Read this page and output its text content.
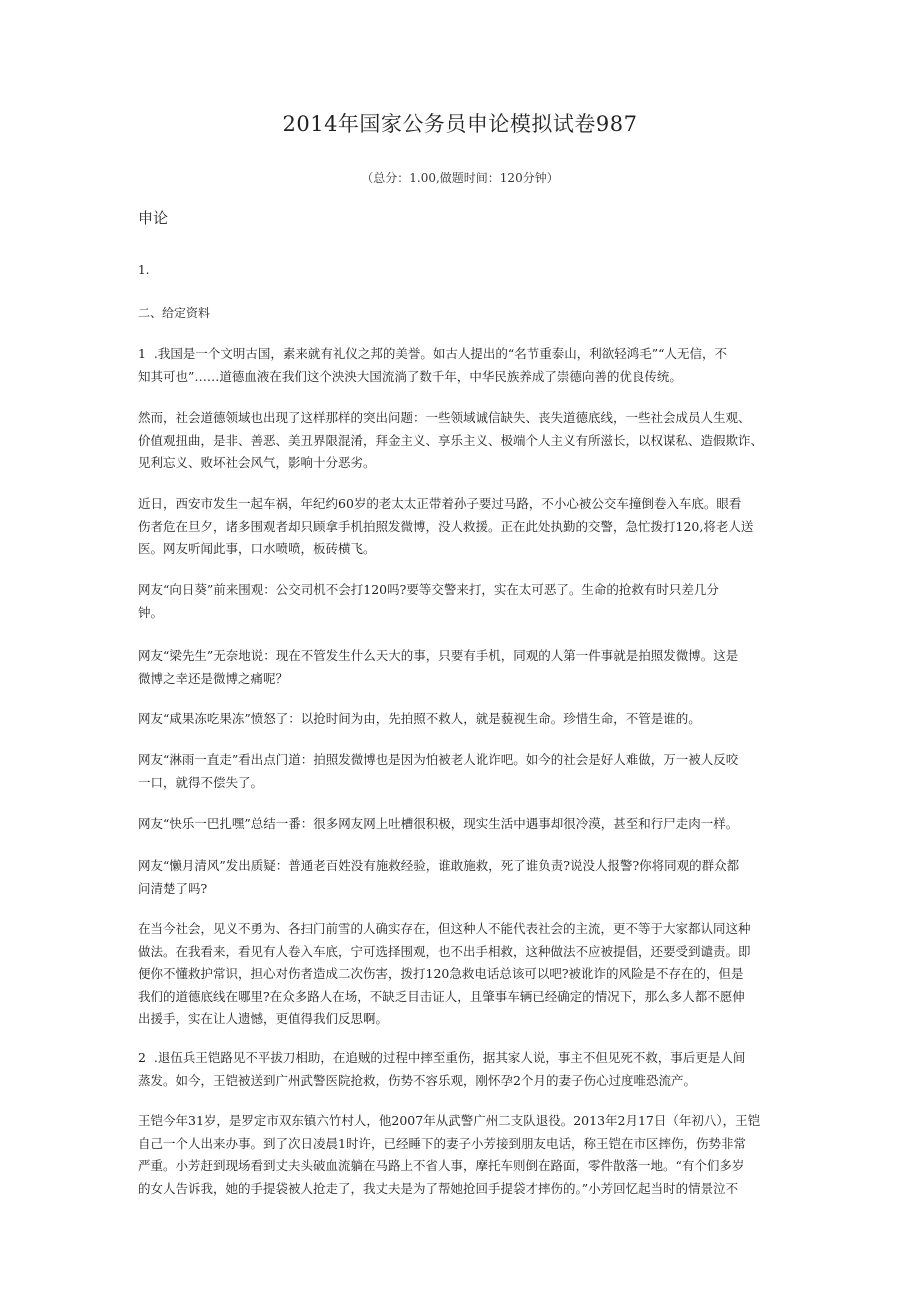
2014年国家公务员申论模拟试卷987
（总分：1.00,做题时间：120分钟）
申论
1.
二、给定资料

1  .我国是一个文明古国，素来就有礼仪之邦的美誉。如古人提出的“名节重泰山，利欲轻鸿毛”“人无信，不
知其可也”……道德血液在我们这个泱泱大国流淌了数千年，中华民族养成了崇德向善的优良传统。

然而，社会道德领域也出现了这样那样的突出问题：一些领域诚信缺失、丧失道德底线，一些社会成员人生观、
价值观扭曲，是非、善恶、美丑界限混淆，拜金主义、享乐主义、极端个人主义有所滋长，以权谋私、造假欺诈、
见利忘义、败坏社会风气，影响十分恶劣。

近日，西安市发生一起车祸，年纪约60岁的老太太正带着孙子要过马路，不小心被公交车撞倒卷入车底。眼看
伤者危在旦夕，诸多围观者却只顾拿手机拍照发微博，没人救援。正在此处执勤的交警，急忙拨打120,将老人送
医。网友听闻此事，口水喷喷，板砖横飞。

网友“向日葵”前来围观：公交司机不会打120吗?要等交警来打，实在太可恶了。生命的抢救有时只差几分
钟。

网友“梁先生”无奈地说：现在不管发生什么天大的事，只要有手机，同观的人第一件事就是拍照发微博。这是
微博之幸还是微博之痛呢？

网友“咸果冻吃果冻”愤怒了：以抢时间为由，先拍照不救人，就是藐视生命。珍惜生命，不管是谁的。

网友“淋雨一直走”看出点门道：拍照发微博也是因为怕被老人讹诈吧。如今的社会是好人难做，万一被人反咬
一口，就得不偿失了。

网友“快乐一巴扎嘿”总结一番：很多网友网上吐槽很积极，现实生活中遇事却很冷漠，甚至和行尸走肉一样。

网友“懒月清风”发出质疑：普通老百姓没有施救经验，谁敢施救，死了谁负责?说没人报警?你将同观的群众都
问清楚了吗?

在当今社会，见义不勇为、各扫门前雪的人确实存在，但这种人不能代表社会的主流，更不等于大家都认同这种
做法。在我看来，看见有人卷入车底，宁可选择围观，也不出手相救，这种做法不应被提倡，还要受到谴责。即
便你不懂救护常识，担心对伤者造成二次伤害，拨打120急救电话总该可以吧?被讹诈的风险是不存在的，但是
我们的道德底线在哪里?在众多路人在场，不缺乏目击证人，且肇事车辆已经确定的情况下，那么多人都不愿伸
出援手，实在让人遗憾，更值得我们反思啊。

2  .退伍兵王铠路见不平拔刀相助，在追贼的过程中摔至重伤，据其家人说，事主不但见死不救，事后更是人间
蒸发。如今，王铠被送到广州武警医院抢救，伤势不容乐观，刚怀孕2个月的妻子伤心过度唯恐流产。

王铠今年31岁，是罗定市双东镇六竹村人，他2007年从武警广州二支队退役。2013年2月17日（年初八），王铠
自己一个人出来办事。到了次日凌晨1时许，已经睡下的妻子小芳接到朋友电话，称王铠在市区摔伤，伤势非常
严重。小芳赶到现场看到丈夫头破血流躺在马路上不省人事，摩托车则倒在路面，零件散落一地。“有个们多岁
的女人告诉我，她的手提袋被人抢走了，我丈夫是为了帮她抢回手提袋才摔伤的。”小芳回忆起当时的情景泣不
